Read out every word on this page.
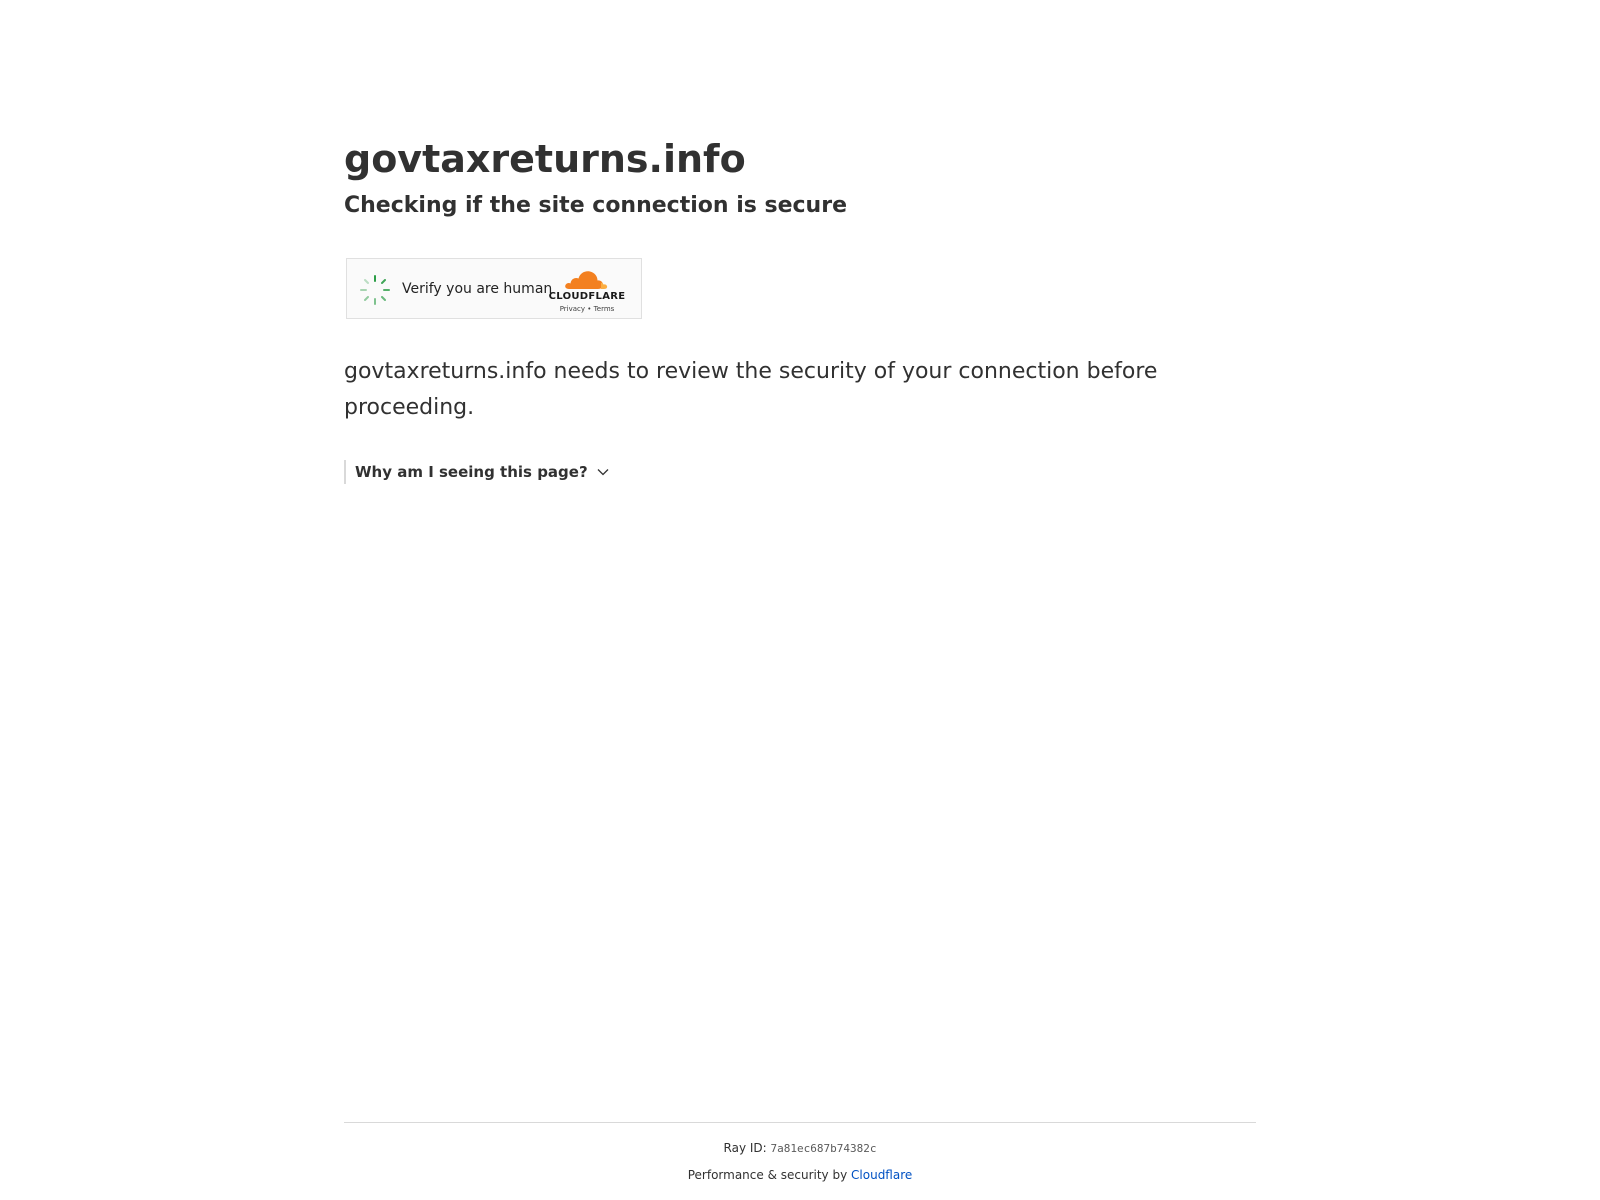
govtaxreturns.info
Checking if the site connection is secure
Verify you are human
CLOUDFLARE
Privacy • Terms

govtaxreturns.info needs to review the security of your connection before proceeding.

Why am I seeing this page?
Ray ID: 7a81ec687b74382c
Performance & security by Cloudflare
